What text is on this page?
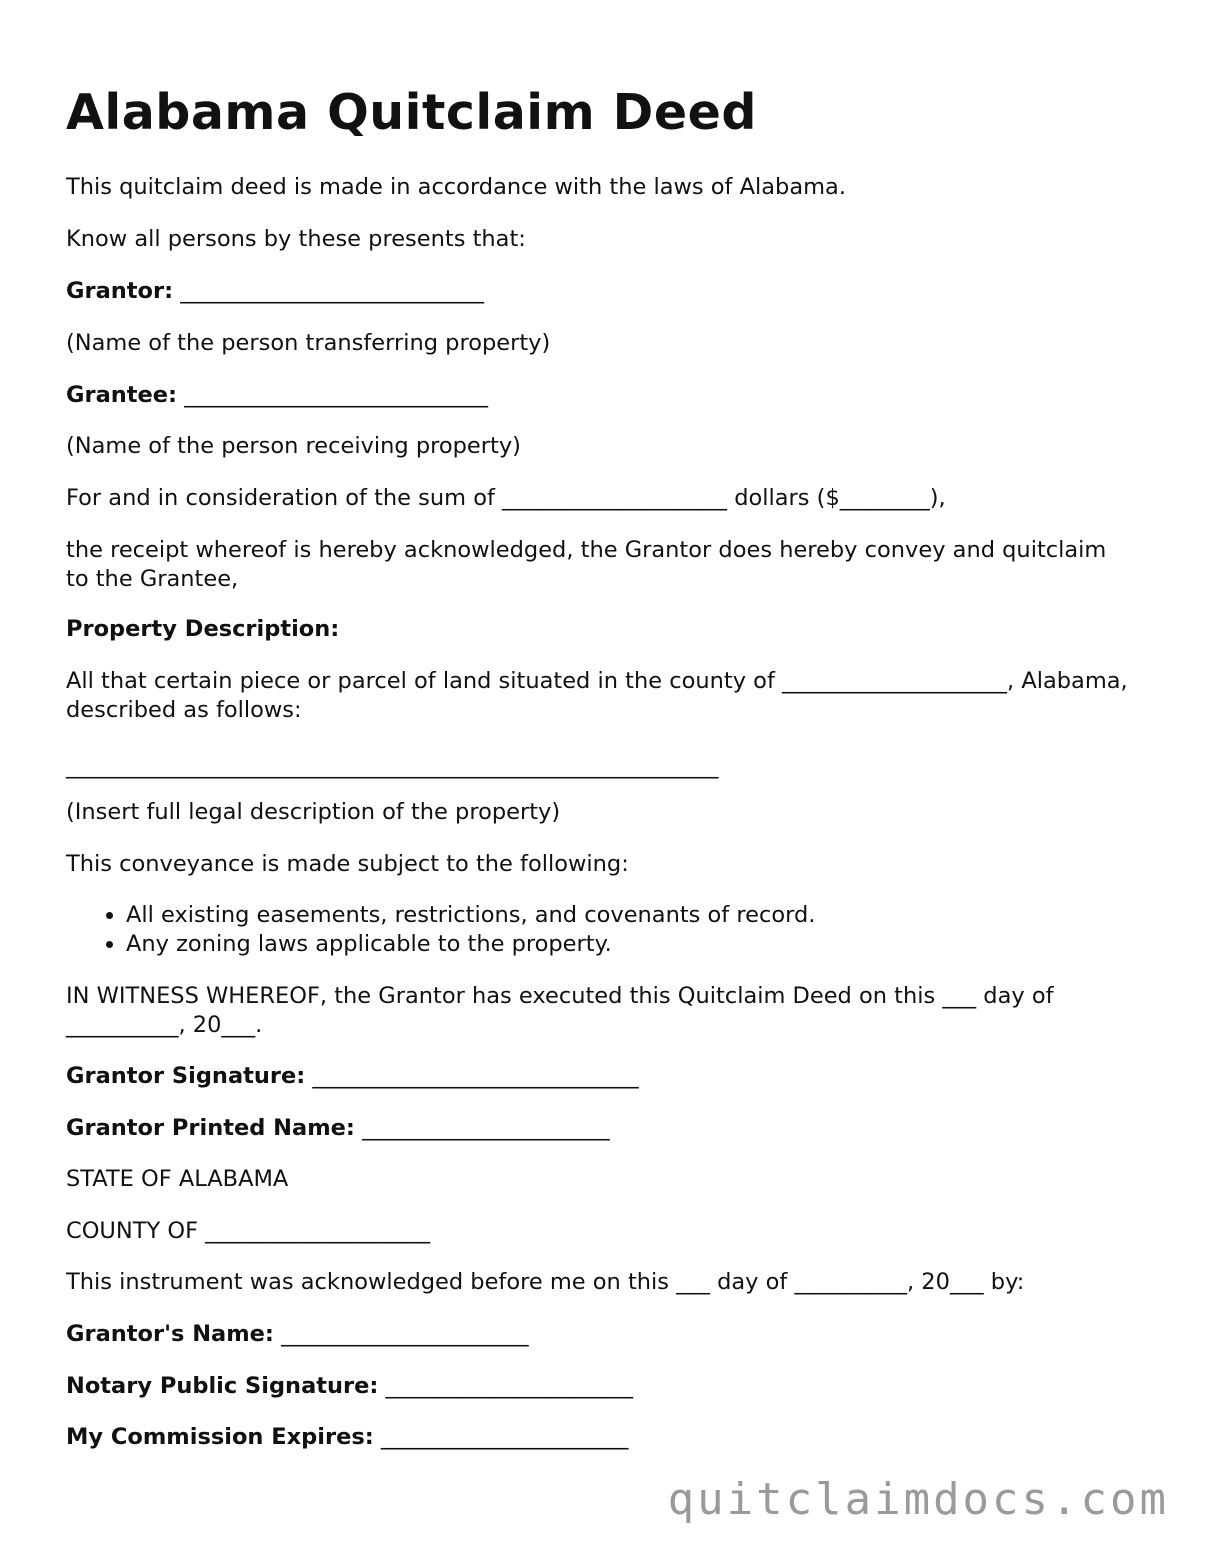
Alabama Quitclaim Deed

This quitclaim deed is made in accordance with the laws of Alabama.

Know all persons by these presents that:

Grantor: ___________________________

(Name of the person transferring property)

Grantee: ___________________________

(Name of the person receiving property)

For and in consideration of the sum of ____________________ dollars ($________),

the receipt whereof is hereby acknowledged, the Grantor does hereby convey and quitclaim to the Grantee,

Property Description:

All that certain piece or parcel of land situated in the county of ____________________, Alabama, described as follows:

__________________________________________________________

(Insert full legal description of the property)

This conveyance is made subject to the following:

• All existing easements, restrictions, and covenants of record.
• Any zoning laws applicable to the property.

IN WITNESS WHEREOF, the Grantor has executed this Quitclaim Deed on this ___ day of __________, 20___.

Grantor Signature: _____________________________

Grantor Printed Name: ______________________

STATE OF ALABAMA

COUNTY OF ____________________

This instrument was acknowledged before me on this ___ day of __________, 20___ by:

Grantor's Name: ______________________

Notary Public Signature: ______________________

My Commission Expires: ______________________

quitclaimdocs.com
